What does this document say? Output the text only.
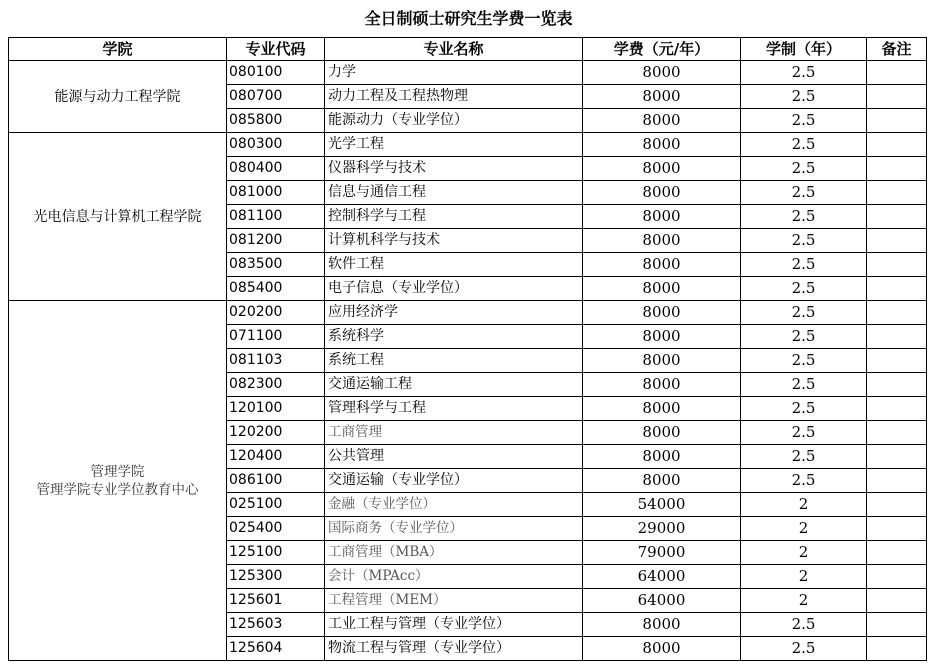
全日制硕士研究生学费一览表
学院	专业代码	专业名称	学费（元/年）	学制（年）	备注

能源与动力工程学院	080100	力学	8000	2.5	
	080700	动力工程及工程热物理	8000	2.5	
	085800	能源动力（专业学位）	8000	2.5	

光电信息与计算机工程学院	080300	光学工程	8000	2.5	
	080400	仪器科学与技术	8000	2.5	
	081000	信息与通信工程	8000	2.5	
	081100	控制科学与工程	8000	2.5	
	081200	计算机科学与技术	8000	2.5	
	083500	软件工程	8000	2.5	
	085400	电子信息（专业学位）	8000	2.5	

管理学院
管理学院专业学位教育中心	020200	应用经济学	8000	2.5	
	071100	系统科学	8000	2.5	
	081103	系统工程	8000	2.5	
	082300	交通运输工程	8000	2.5	
	120100	管理科学与工程	8000	2.5	
	120200	工商管理	8000	2.5	
	120400	公共管理	8000	2.5	
	086100	交通运输（专业学位）	8000	2.5	
	025100	金融（专业学位）	54000	2	
	025400	国际商务（专业学位）	29000	2	
	125100	工商管理（MBA）	79000	2	
	125300	会计（MPAcc）	64000	2	
	125601	工程管理（MEM）	64000	2	
	125603	工业工程与管理（专业学位）	8000	2.5	
	125604	物流工程与管理（专业学位）	8000	2.5	
